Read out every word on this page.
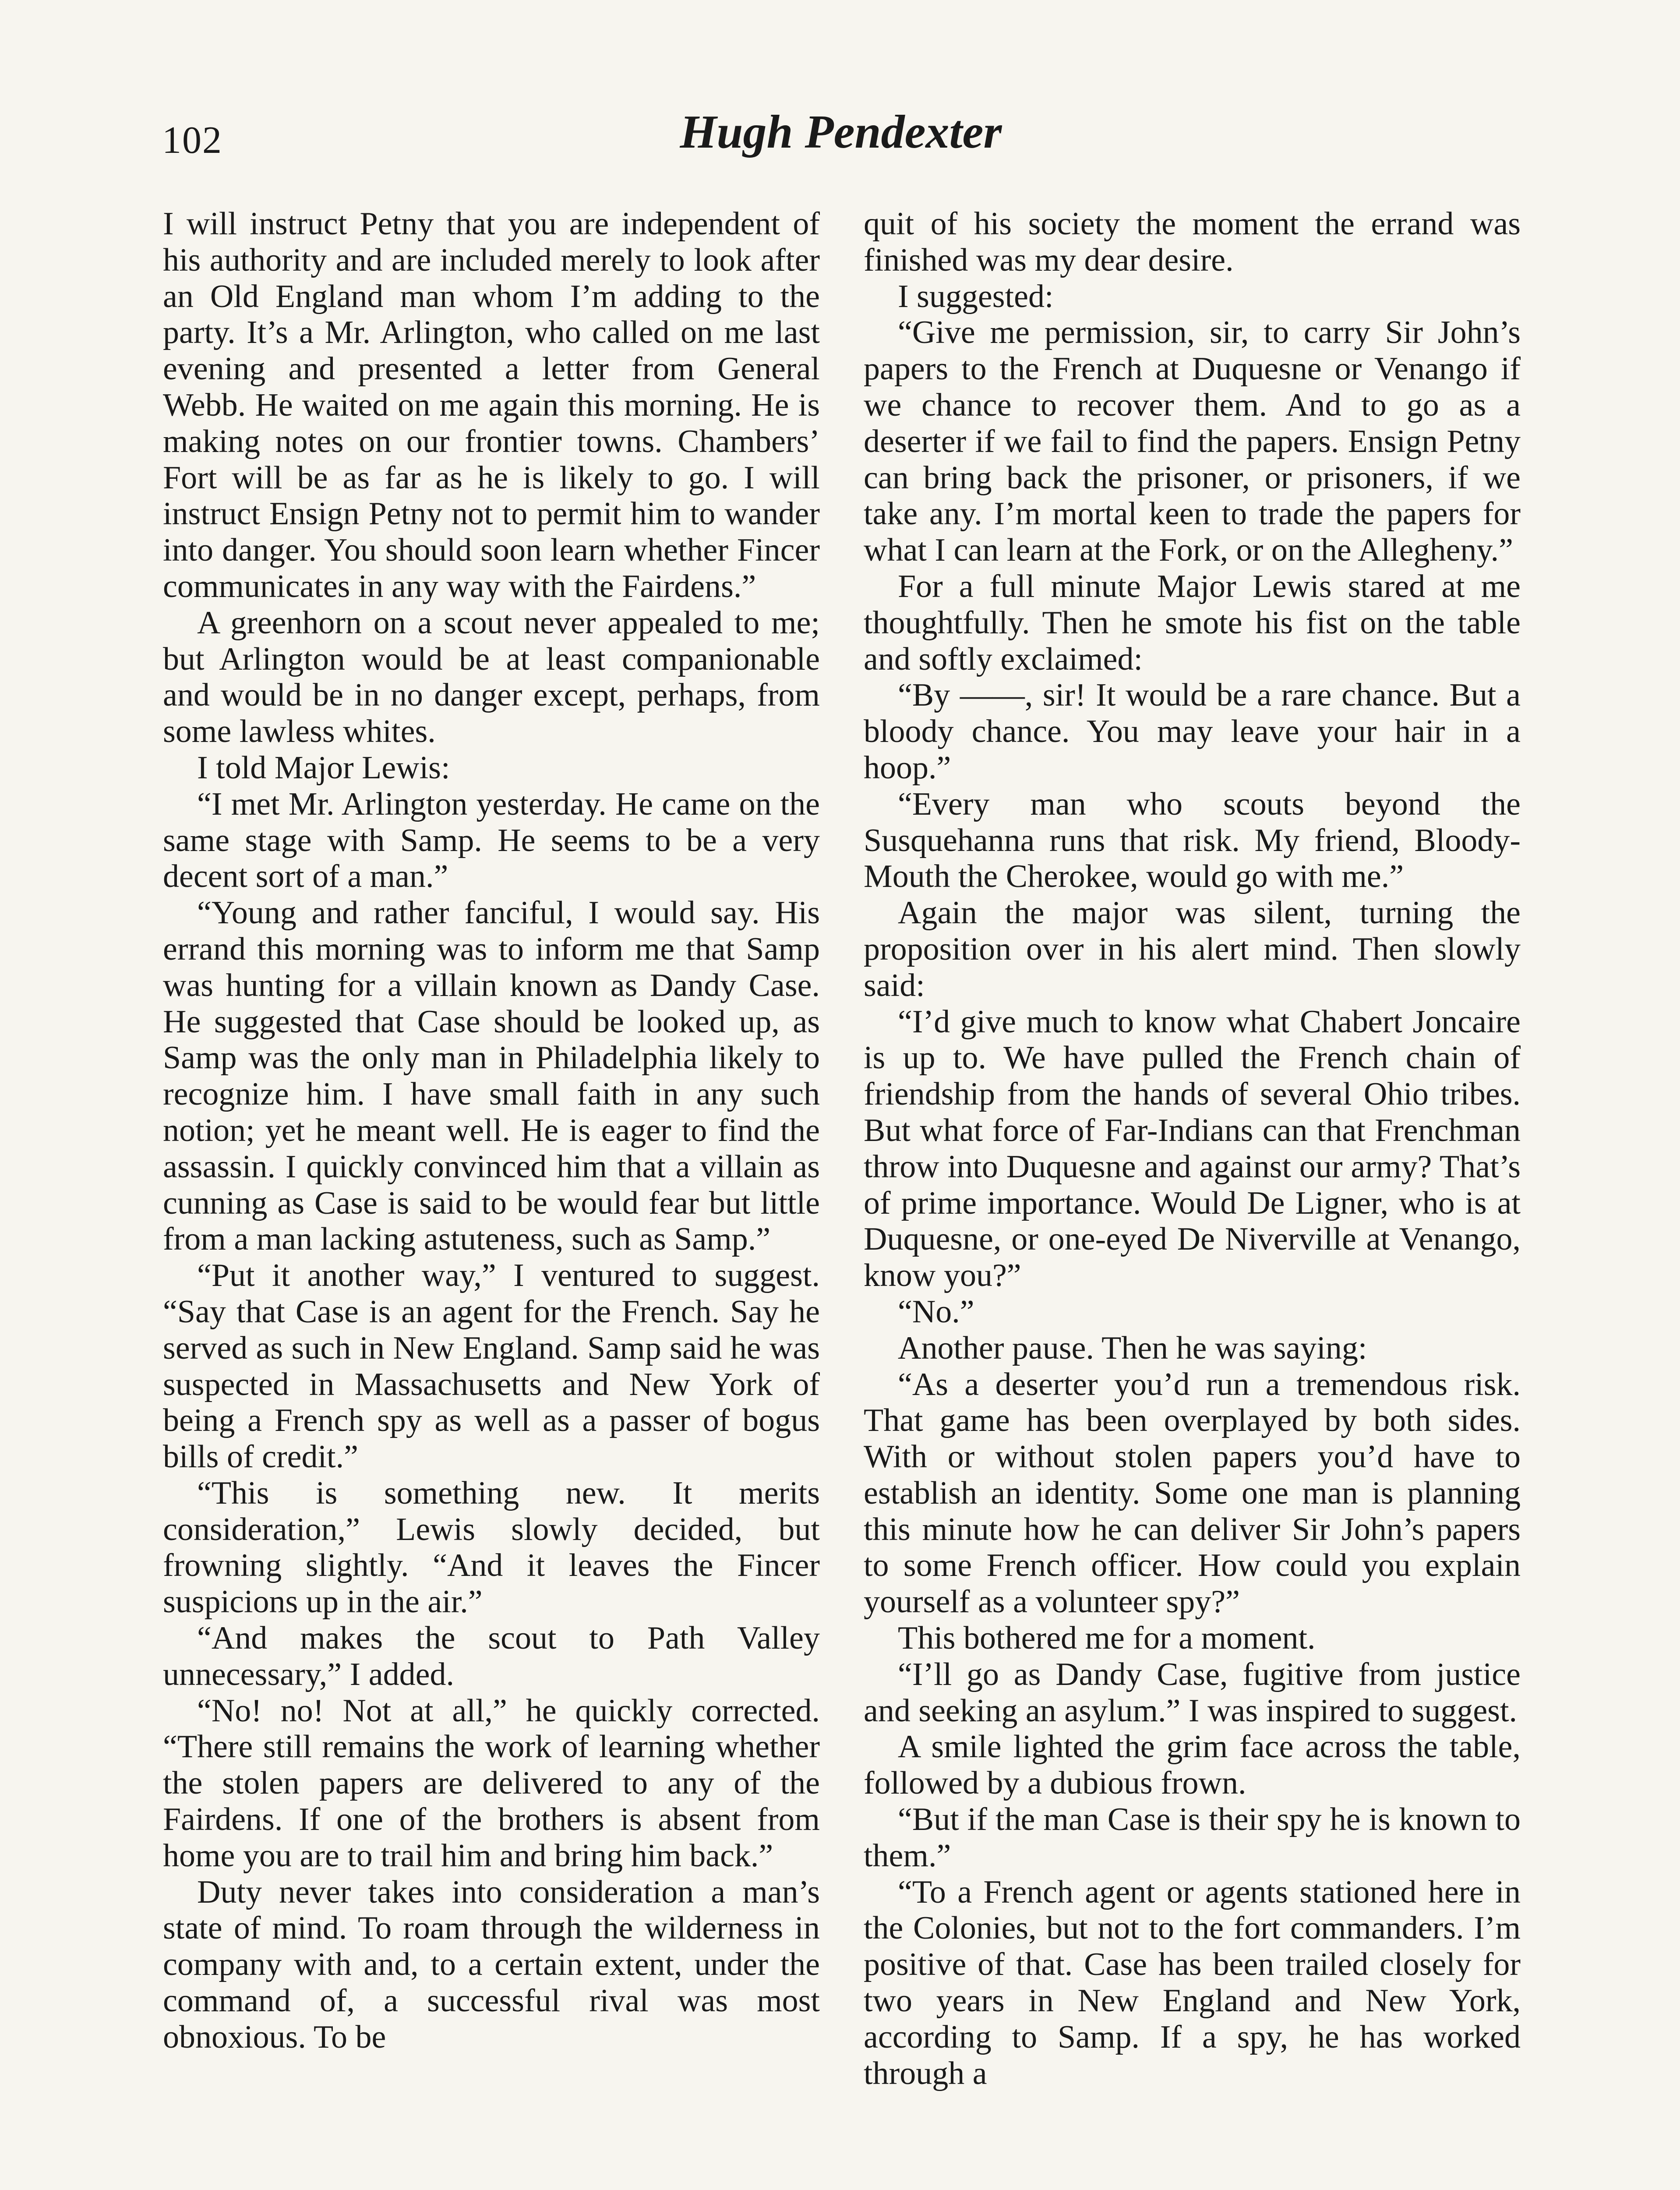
102	Hugh Pendexter

I will instruct Petny that you are independent of his authority and are included merely to look after an Old England man whom I’m adding to the party. It’s a Mr. Arlington, who called on me last evening and presented a letter from General Webb. He waited on me again this morning. He is making notes on our frontier towns. Chambers’ Fort will be as far as he is likely to go. I will instruct Ensign Petny not to permit him to wander into danger. You should soon learn whether Fincer communicates in any way with the Fairdens.”

A greenhorn on a scout never appealed to me; but Arlington would be at least companionable and would be in no danger except, perhaps, from some lawless whites.

I told Major Lewis:

“I met Mr. Arlington yesterday. He came on the same stage with Samp. He seems to be a very decent sort of a man.”

“Young and rather fanciful, I would say. His errand this morning was to inform me that Samp was hunting for a villain known as Dandy Case. He suggested that Case should be looked up, as Samp was the only man in Philadelphia likely to recognize him. I have small faith in any such notion; yet he meant well. He is eager to find the assassin. I quickly convinced him that a villain as cunning as Case is said to be would fear but little from a man lacking astuteness, such as Samp.”

“Put it another way,” I ventured to suggest. “Say that Case is an agent for the French. Say he served as such in New England. Samp said he was suspected in Massachusetts and New York of being a French spy as well as a passer of bogus bills of credit.”

“This is something new. It merits consideration,” Lewis slowly decided, but frowning slightly. “And it leaves the Fincer suspicions up in the air.”

“And makes the scout to Path Valley unnecessary,” I added.

“No! no! Not at all,” he quickly corrected. “There still remains the work of learning whether the stolen papers are delivered to any of the Fairdens. If one of the brothers is absent from home you are to trail him and bring him back.”

Duty never takes into consideration a man’s state of mind. To roam through the wilderness in company with and, to a certain extent, under the command of, a successful rival was most obnoxious. To be

quit of his society the moment the errand was finished was my dear desire.

I suggested:

“Give me permission, sir, to carry Sir John’s papers to the French at Duquesne or Venango if we chance to recover them. And to go as a deserter if we fail to find the papers. Ensign Petny can bring back the prisoner, or prisoners, if we take any. I’m mortal keen to trade the papers for what I can learn at the Fork, or on the Allegheny.”

For a full minute Major Lewis stared at me thoughtfully. Then he smote his fist on the table and softly exclaimed:

“By ——, sir! It would be a rare chance. But a bloody chance. You may leave your hair in a hoop.”

“Every man who scouts beyond the Susquehanna runs that risk. My friend, Bloody-Mouth the Cherokee, would go with me.”

Again the major was silent, turning the proposition over in his alert mind. Then slowly said:

“I’d give much to know what Chabert Joncaire is up to. We have pulled the French chain of friendship from the hands of several Ohio tribes. But what force of Far-Indians can that Frenchman throw into Duquesne and against our army? That’s of prime importance. Would De Ligner, who is at Duquesne, or one-eyed De Niverville at Venango, know you?”

“No.”

Another pause. Then he was saying:

“As a deserter you’d run a tremendous risk. That game has been overplayed by both sides. With or without stolen papers you’d have to establish an identity. Some one man is planning this minute how he can deliver Sir John’s papers to some French officer. How could you explain yourself as a volunteer spy?”

This bothered me for a moment.

“I’ll go as Dandy Case, fugitive from justice and seeking an asylum.” I was inspired to suggest.

A smile lighted the grim face across the table, followed by a dubious frown.

“But if the man Case is their spy he is known to them.”

“To a French agent or agents stationed here in the Colonies, but not to the fort commanders. I’m positive of that. Case has been trailed closely for two years in New England and New York, according to Samp. If a spy, he has worked through a
